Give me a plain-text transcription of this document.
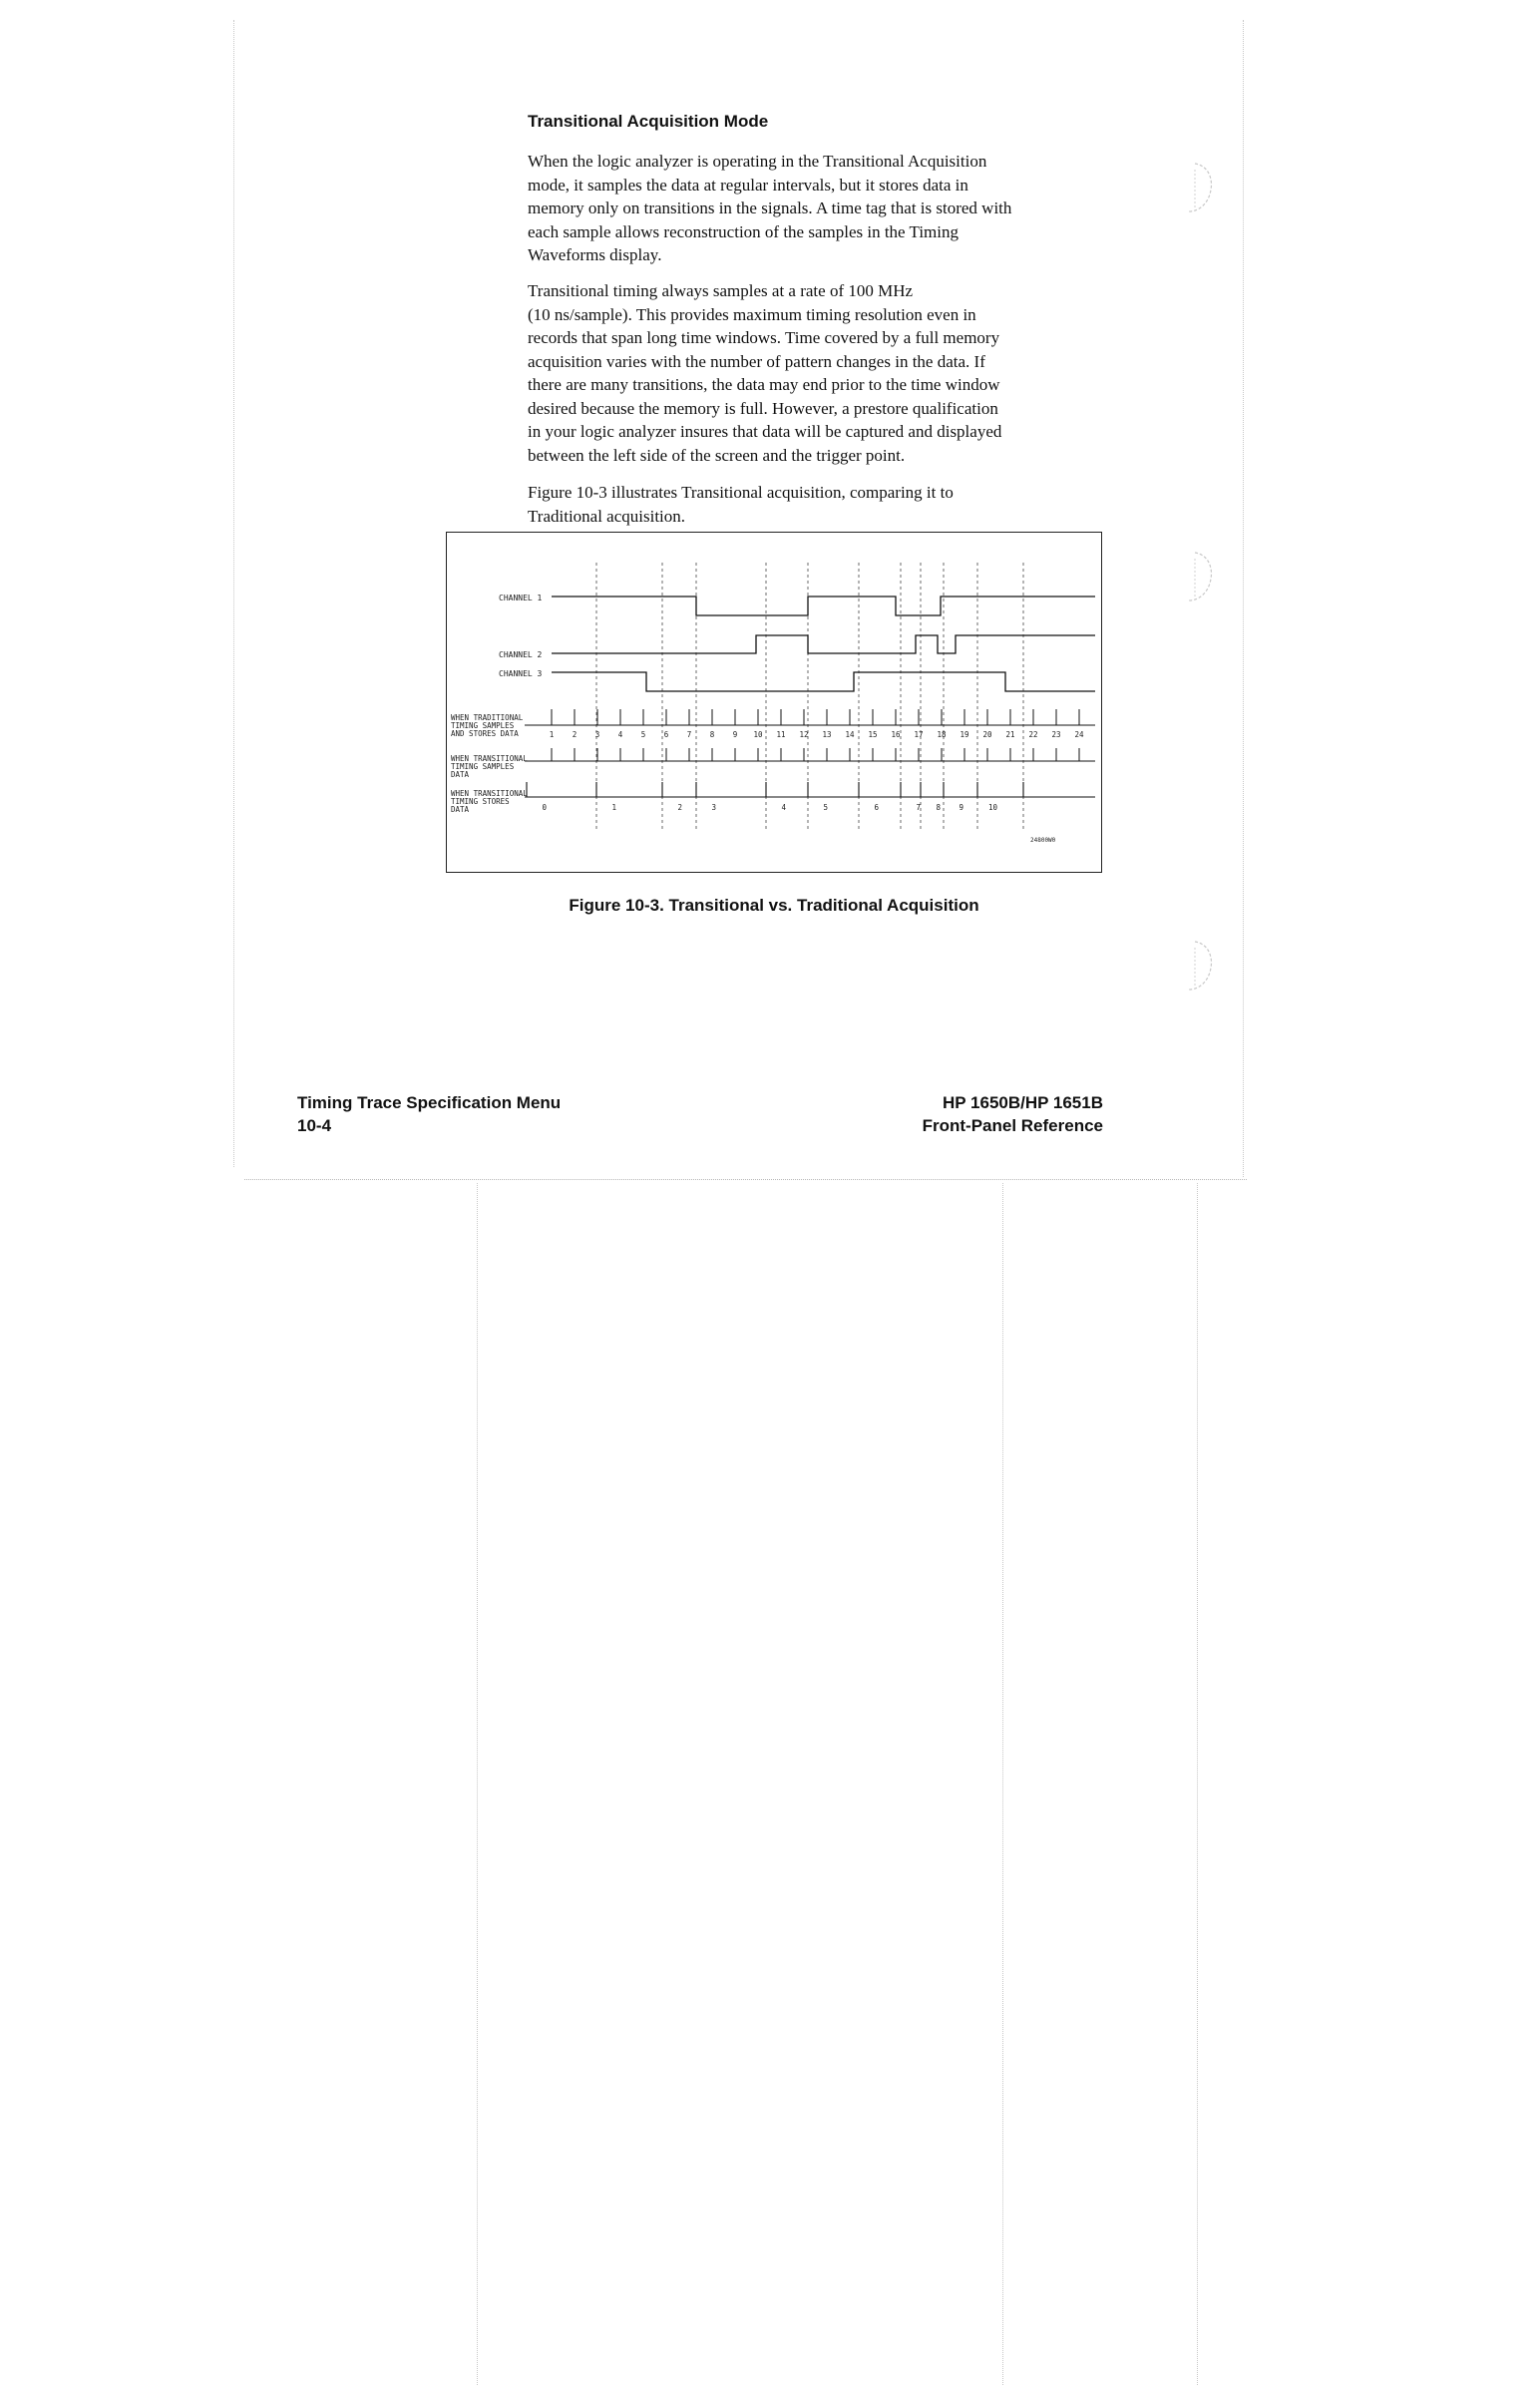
Transitional Acquisition Mode

When the logic analyzer is operating in the Transitional Acquisition
mode, it samples the data at regular intervals, but it stores data in
memory only on transitions in the signals. A time tag that is stored with
each sample allows reconstruction of the samples in the Timing
Waveforms display.

Transitional timing always samples at a rate of 100 MHz
(10 ns/sample). This provides maximum timing resolution even in
records that span long time windows. Time covered by a full memory
acquisition varies with the number of pattern changes in the data. If
there are many transitions, the data may end prior to the time window
desired because the memory is full. However, a prestore qualification
in your logic analyzer insures that data will be captured and displayed
between the left side of the screen and the trigger point.

Figure 10-3 illustrates Transitional acquisition, comparing it to
Traditional acquisition.

CHANNEL 1
CHANNEL 2
CHANNEL 3
WHEN TRADITIONAL TIMING SAMPLES AND STORES DATA
WHEN TRANSITIONAL TIMING SAMPLES DATA
WHEN TRANSITIONAL TIMING STORES DATA
1 2 3 4 5 6 7 8 9 10 11 12 13 14 15 16 17 18 19 20 21 22 23 24
0	1	2	3	4	5	6	7 8 9	10
24800W0
Figure 10-3. Transitional vs. Traditional Acquisition
Timing Trace Specification Menu
10-4
HP 1650B/HP 1651B
Front-Panel Reference
